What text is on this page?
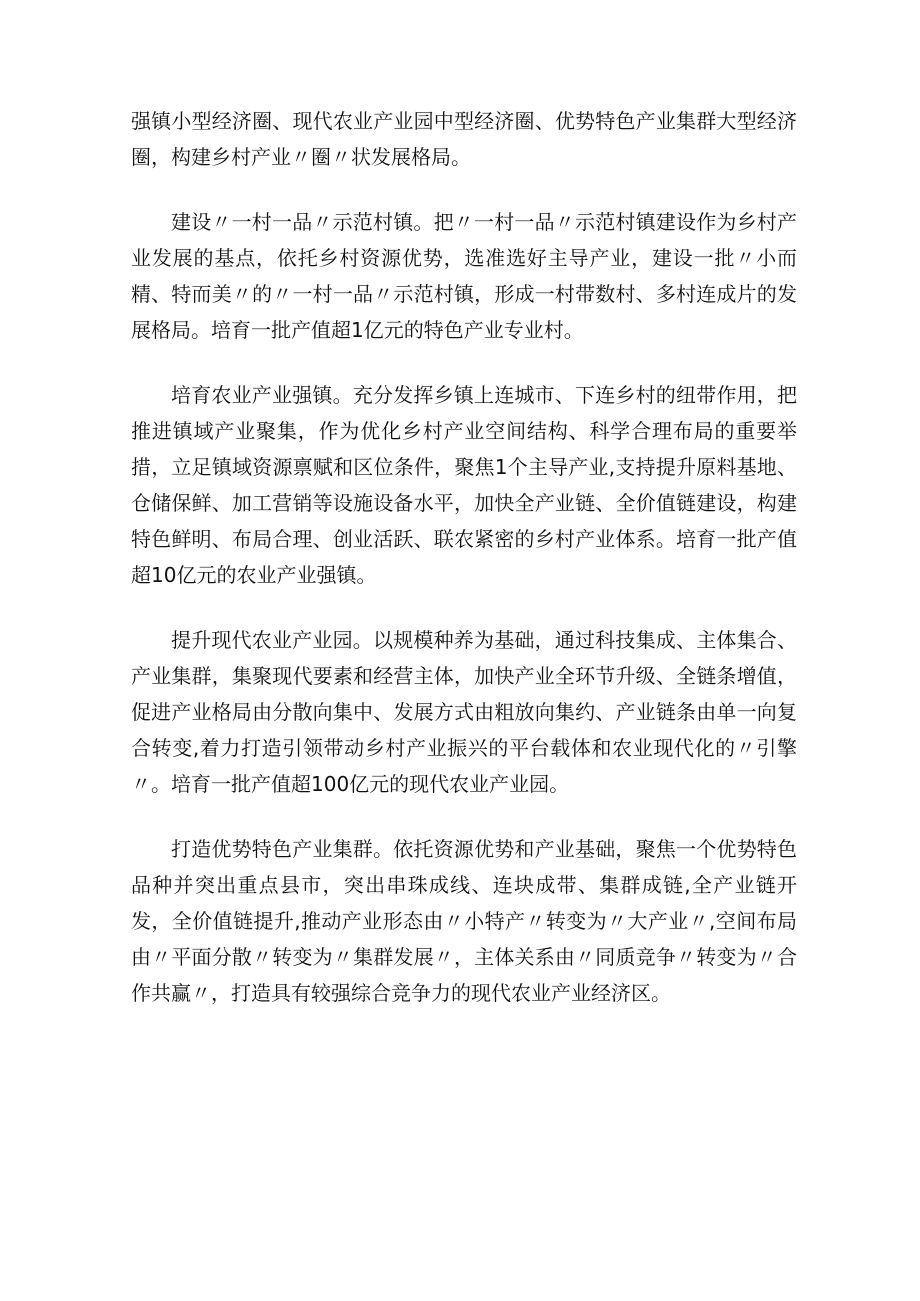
强镇小型经济圈、现代农业产业园中型经济圈、优势特色产业集群大型经济圈，构建乡村产业〃圈〃状发展格局。

建设〃一村一品〃示范村镇。把〃一村一品〃示范村镇建设作为乡村产业发展的基点，依托乡村资源优势，选准选好主导产业，建设一批〃小而精、特而美〃的〃一村一品〃示范村镇，形成一村带数村、多村连成片的发展格局。培育一批产值超1亿元的特色产业专业村。

培育农业产业强镇。充分发挥乡镇上连城市、下连乡村的纽带作用，把推进镇域产业聚集，作为优化乡村产业空间结构、科学合理布局的重要举措，立足镇域资源禀赋和区位条件，聚焦1个主导产业,支持提升原料基地、仓储保鲜、加工营销等设施设备水平，加快全产业链、全价值链建设，构建特色鲜明、布局合理、创业活跃、联农紧密的乡村产业体系。培育一批产值超10亿元的农业产业强镇。

提升现代农业产业园。以规模种养为基础，通过科技集成、主体集合、产业集群，集聚现代要素和经营主体，加快产业全环节升级、全链条增值，促进产业格局由分散向集中、发展方式由粗放向集约、产业链条由单一向复合转变,着力打造引领带动乡村产业振兴的平台载体和农业现代化的〃引擎〃。培育一批产值超100亿元的现代农业产业园。

打造优势特色产业集群。依托资源优势和产业基础，聚焦一个优势特色品种并突出重点县市，突出串珠成线、连块成带、集群成链,全产业链开发，全价值链提升,推动产业形态由〃小特产〃转变为〃大产业〃,空间布局由〃平面分散〃转变为〃集群发展〃，主体关系由〃同质竞争〃转变为〃合作共赢〃，打造具有较强综合竞争力的现代农业产业经济区。
